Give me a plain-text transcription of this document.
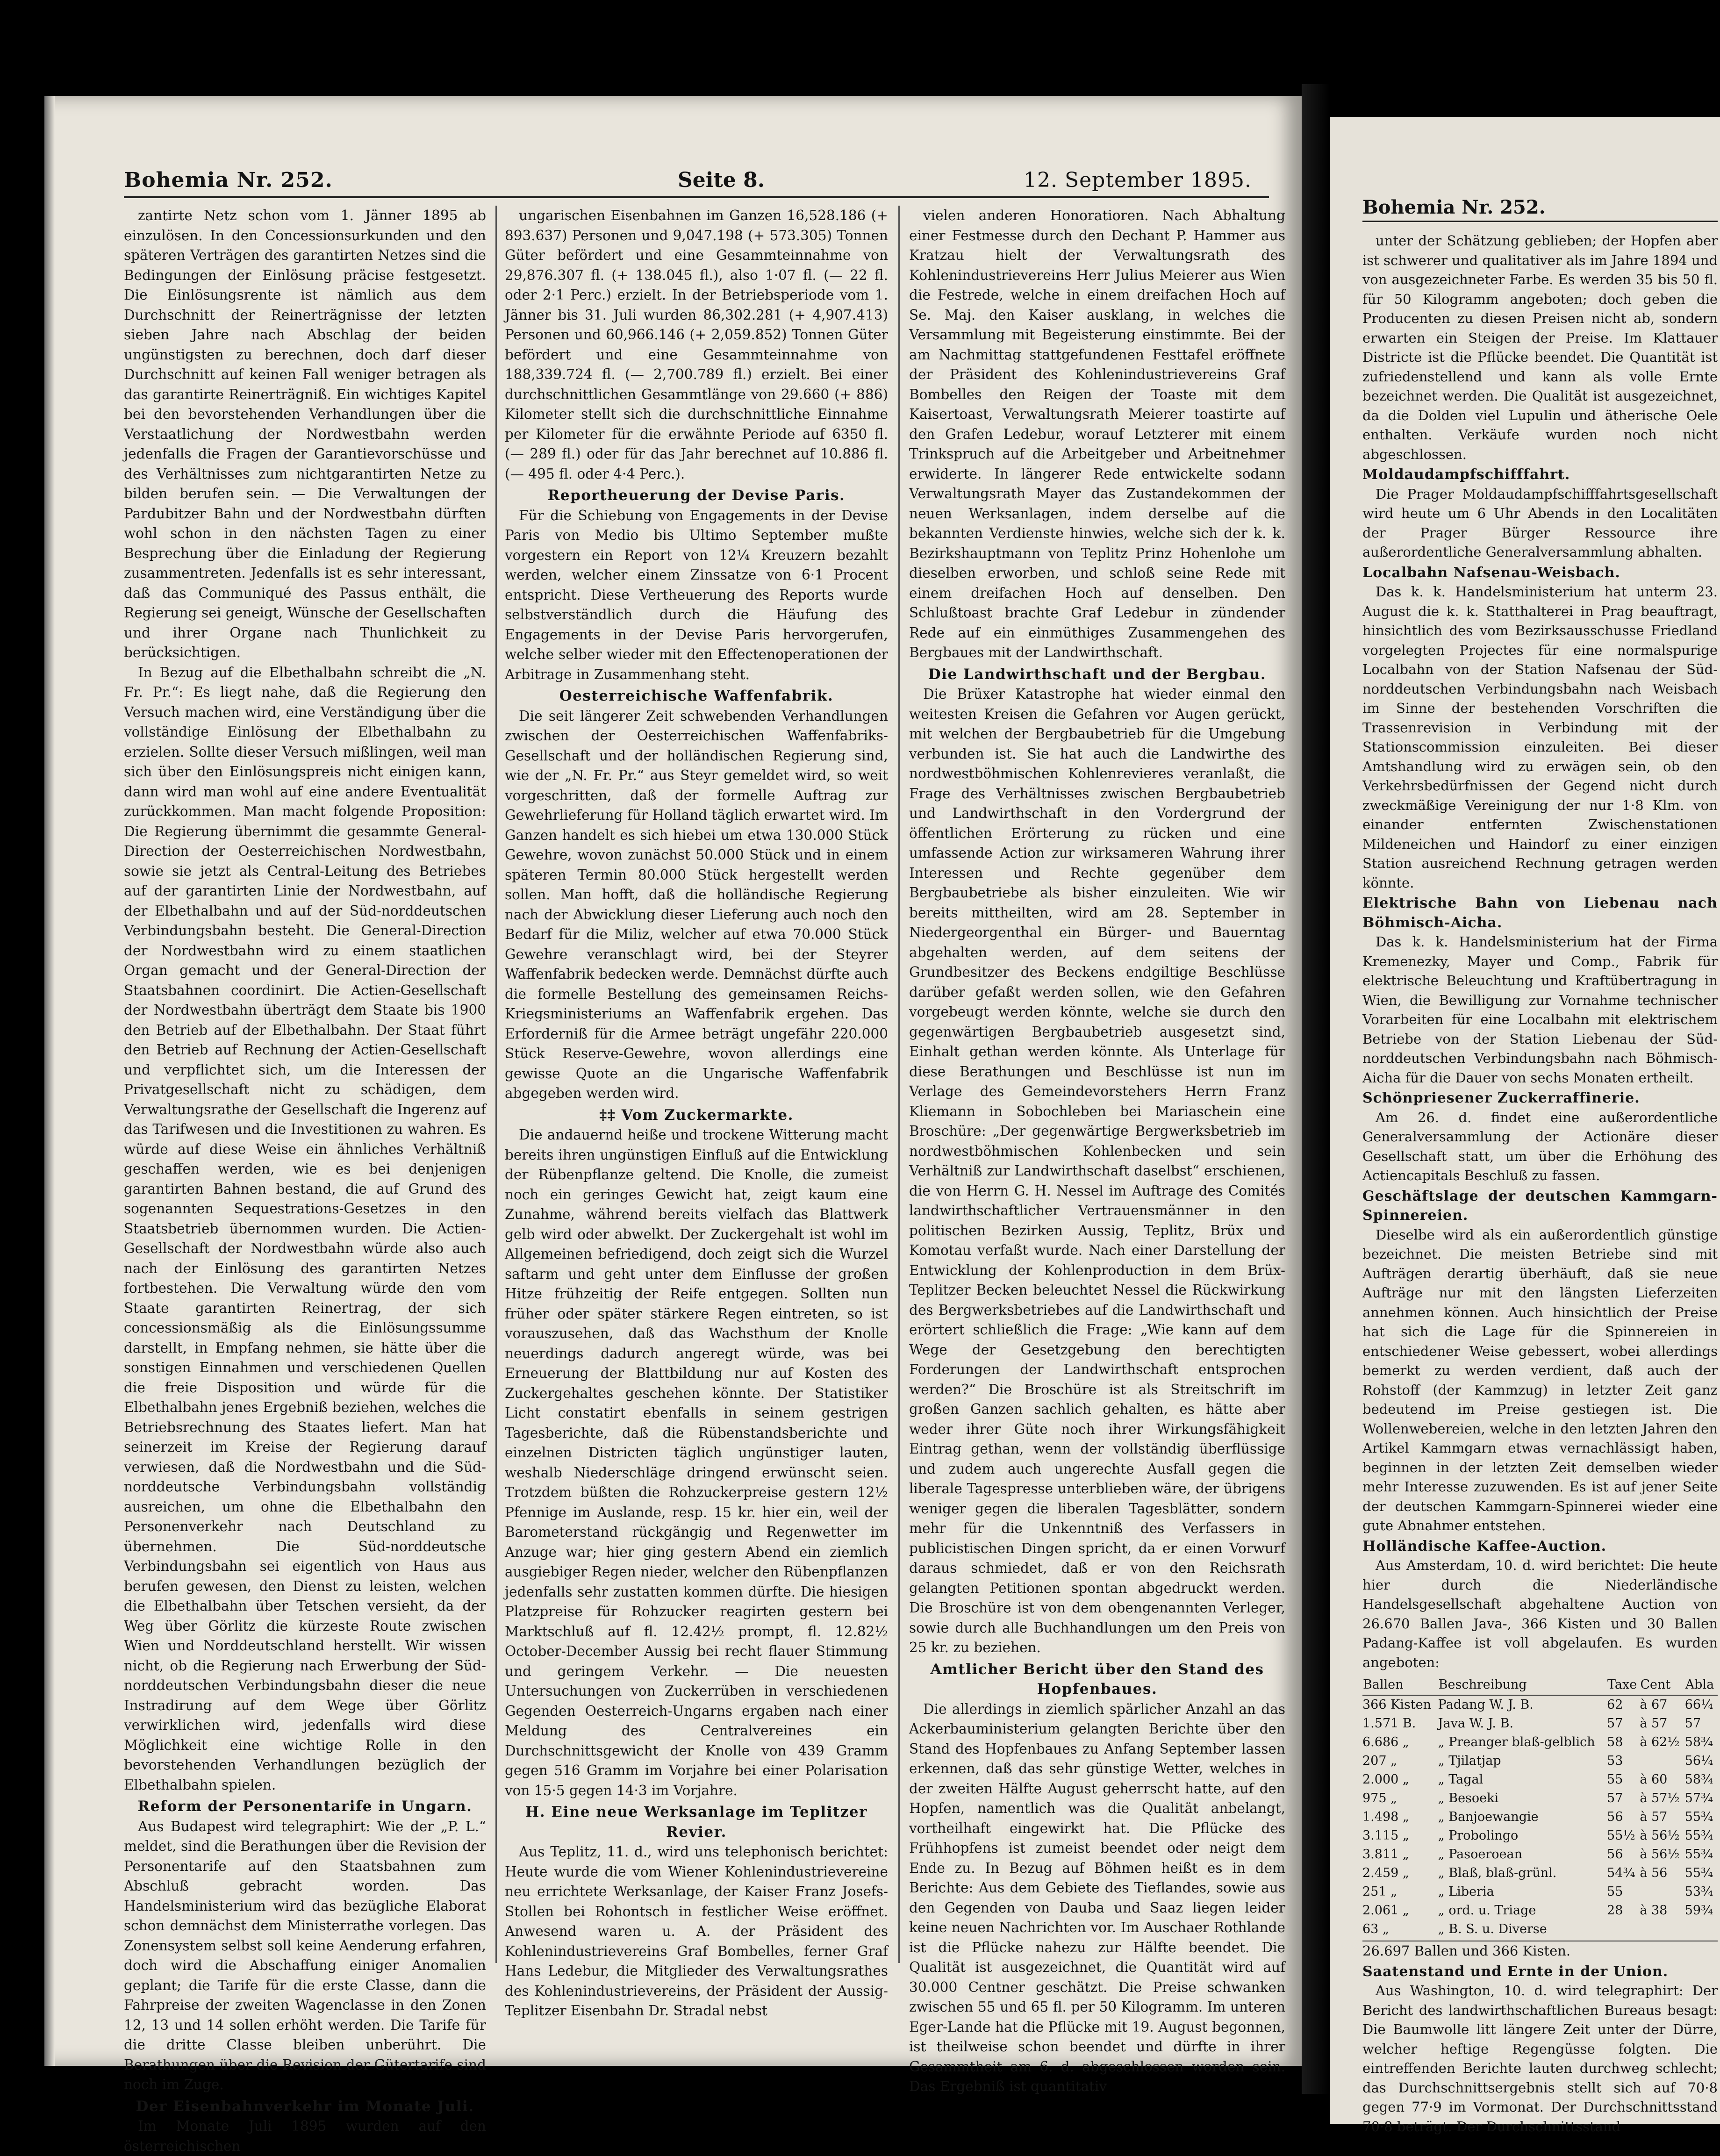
Bohemia Nr. 252.	Seite 8.	12. September 1895.

zantirte Netz schon vom 1. Jänner 1895 ab einzulösen. In den Concessionsurkunden und den späteren Verträgen des garantirten Netzes sind die Bedingungen der Einlösung präcise festgesetzt. Die Einlösungsrente ist nämlich aus dem Durchschnitt der Reinerträgnisse der letzten sieben Jahre nach Abschlag der beiden ungünstigsten zu berechnen, doch darf dieser Durchschnitt auf keinen Fall weniger betragen als das garantirte Reinerträgniß. Ein wichtiges Kapitel bei den bevorstehenden Verhandlungen über die Verstaatlichung der Nordwestbahn werden jedenfalls die Fragen der Garantievorschüsse und des Verhältnisses zum nichtgarantirten Netze zu bilden berufen sein. — Die Verwaltungen der Pardubitzer Bahn und der Nordwestbahn dürften wohl schon in den nächsten Tagen zu einer Besprechung über die Einladung der Regierung zusammentreten. Jedenfalls ist es sehr interessant, daß das Communiqué des Passus enthält, die Regierung sei geneigt, Wünsche der Gesellschaften und ihrer Organe nach Thunlichkeit zu berücksichtigen.

In Bezug auf die Elbethalbahn schreibt die „N. Fr. Pr.“: Es liegt nahe, daß die Regierung den Versuch machen wird, eine Verständigung über die vollständige Einlösung der Elbethalbahn zu erzielen. Sollte dieser Versuch mißlingen, weil man sich über den Einlösungspreis nicht einigen kann, dann wird man wohl auf eine andere Eventualität zurückkommen. Man macht folgende Proposition: Die Regierung übernimmt die gesammte General-Direction der Oesterreichischen Nordwestbahn, sowie sie jetzt als Central-Leitung des Betriebes auf der garantirten Linie der Nordwestbahn, auf der Elbethalbahn und auf der Süd-norddeutschen Verbindungsbahn besteht. Die General-Direction der Nordwestbahn wird zu einem staatlichen Organ gemacht und der General-Direction der Staatsbahnen coordinirt. Die Actien-Gesellschaft der Nordwestbahn überträgt dem Staate bis 1900 den Betrieb auf der Elbethalbahn. Der Staat führt den Betrieb auf Rechnung der Actien-Gesellschaft und verpflichtet sich, um die Interessen der Privatgesellschaft nicht zu schädigen, dem Verwaltungsrathe der Gesellschaft die Ingerenz auf das Tarifwesen und die Investitionen zu wahren. Es würde auf diese Weise ein ähnliches Verhältniß geschaffen werden, wie es bei denjenigen garantirten Bahnen bestand, die auf Grund des sogenannten Sequestrations-Gesetzes in den Staatsbetrieb übernommen wurden. Die Actien-Gesellschaft der Nordwestbahn würde also auch nach der Einlösung des garantirten Netzes fortbestehen. Die Verwaltung würde den vom Staate garantirten Reinertrag, der sich concessionsmäßig als die Einlösungssumme darstellt, in Empfang nehmen, sie hätte über die sonstigen Einnahmen und verschiedenen Quellen die freie Disposition und würde für die Elbethalbahn jenes Ergebniß beziehen, welches die Betriebsrechnung des Staates liefert. Man hat seinerzeit im Kreise der Regierung darauf verwiesen, daß die Nordwestbahn und die Süd-norddeutsche Verbindungsbahn vollständig ausreichen, um ohne die Elbethalbahn den Personenverkehr nach Deutschland zu übernehmen. Die Süd-norddeutsche Verbindungsbahn sei eigentlich von Haus aus berufen gewesen, den Dienst zu leisten, welchen die Elbethalbahn über Tetschen versieht, da der Weg über Görlitz die kürzeste Route zwischen Wien und Norddeutschland herstellt. Wir wissen nicht, ob die Regierung nach Erwerbung der Süd-norddeutschen Verbindungsbahn dieser die neue Instradirung auf dem Wege über Görlitz verwirklichen wird, jedenfalls wird diese Möglichkeit eine wichtige Rolle in den bevorstehenden Verhandlungen bezüglich der Elbethalbahn spielen.

Reform der Personentarife in Ungarn.

Aus Budapest wird telegraphirt: Wie der „P. L.“ meldet, sind die Berathungen über die Revision der Personentarife auf den Staatsbahnen zum Abschluß gebracht worden. Das Handelsministerium wird das bezügliche Elaborat schon demnächst dem Ministerrathe vorlegen. Das Zonensystem selbst soll keine Aenderung erfahren, doch wird die Abschaffung einiger Anomalien geplant; die Tarife für die erste Classe, dann die Fahrpreise der zweiten Wagenclasse in den Zonen 12, 13 und 14 sollen erhöht werden. Die Tarife für die dritte Classe bleiben unberührt. Die Berathungen über die Revision der Gütertarife sind noch im Zuge.

Der Eisenbahnverkehr im Monate Juli.

Im Monate Juli 1895 wurden auf den österreichischen

ungarischen Eisenbahnen im Ganzen 16,528.186 (+ 893.637) Personen und 9,047.198 (+ 573.305) Tonnen Güter befördert und eine Gesammteinnahme von 29,876.307 fl. (+ 138.045 fl.), also 1·07 fl. (— 22 fl. oder 2·1 Perc.) erzielt. In der Betriebsperiode vom 1. Jänner bis 31. Juli wurden 86,302.281 (+ 4,907.413) Personen und 60,966.146 (+ 2,059.852) Tonnen Güter befördert und eine Gesammteinnahme von 188,339.724 fl. (— 2,700.789 fl.) erzielt. Bei einer durchschnittlichen Gesammtlänge von 29.660 (+ 886) Kilometer stellt sich die durchschnittliche Einnahme per Kilometer für die erwähnte Periode auf 6350 fl. (— 289 fl.) oder für das Jahr berechnet auf 10.886 fl. (— 495 fl. oder 4·4 Perc.).

Reportheuerung der Devise Paris.

Für die Schiebung von Engagements in der Devise Paris von Medio bis Ultimo September mußte vorgestern ein Report von 12¼ Kreuzern bezahlt werden, welcher einem Zinssatze von 6·1 Procent entspricht. Diese Vertheuerung des Reports wurde selbstverständlich durch die Häufung des Engagements in der Devise Paris hervorgerufen, welche selber wieder mit den Effectenoperationen der Arbitrage in Zusammenhang steht.

Oesterreichische Waffenfabrik.

Die seit längerer Zeit schwebenden Verhandlungen zwischen der Oesterreichischen Waffenfabriks-Gesellschaft und der holländischen Regierung sind, wie der „N. Fr. Pr.“ aus Steyr gemeldet wird, so weit vorgeschritten, daß der formelle Auftrag zur Gewehrlieferung für Holland täglich erwartet wird. Im Ganzen handelt es sich hiebei um etwa 130.000 Stück Gewehre, wovon zunächst 50.000 Stück und in einem späteren Termin 80.000 Stück hergestellt werden sollen. Man hofft, daß die holländische Regierung nach der Abwicklung dieser Lieferung auch noch den Bedarf für die Miliz, welcher auf etwa 70.000 Stück Gewehre veranschlagt wird, bei der Steyrer Waffenfabrik bedecken werde. Demnächst dürfte auch die formelle Bestellung des gemeinsamen Reichs-Kriegsministeriums an Waffenfabrik ergehen. Das Erforderniß für die Armee beträgt ungefähr 220.000 Stück Reserve-Gewehre, wovon allerdings eine gewisse Quote an die Ungarische Waffenfabrik abgegeben werden wird.

‡‡ Vom Zuckermarkte.

Die andauernd heiße und trockene Witterung macht bereits ihren ungünstigen Einfluß auf die Entwicklung der Rübenpflanze geltend. Die Knolle, die zumeist noch ein geringes Gewicht hat, zeigt kaum eine Zunahme, während bereits vielfach das Blattwerk gelb wird oder abwelkt. Der Zuckergehalt ist wohl im Allgemeinen befriedigend, doch zeigt sich die Wurzel saftarm und geht unter dem Einflusse der großen Hitze frühzeitig der Reife entgegen. Sollten nun früher oder später stärkere Regen eintreten, so ist vorauszusehen, daß das Wachsthum der Knolle neuerdings dadurch angeregt würde, was bei Erneuerung der Blattbildung nur auf Kosten des Zuckergehaltes geschehen könnte. Der Statistiker Licht constatirt ebenfalls in seinem gestrigen Tagesberichte, daß die Rübenstandsberichte und einzelnen Districten täglich ungünstiger lauten, weshalb Niederschläge dringend erwünscht seien. Trotzdem büßten die Rohzuckerpreise gestern 12½ Pfennige im Auslande, resp. 15 kr. hier ein, weil der Barometerstand rückgängig und Regenwetter im Anzuge war; hier ging gestern Abend ein ziemlich ausgiebiger Regen nieder, welcher den Rübenpflanzen jedenfalls sehr zustatten kommen dürfte. Die hiesigen Platzpreise für Rohzucker reagirten gestern bei Marktschluß auf fl. 12.42½ prompt, fl. 12.82½ October-December Aussig bei recht flauer Stimmung und geringem Verkehr. — Die neuesten Untersuchungen von Zuckerrüben in verschiedenen Gegenden Oesterreich-Ungarns ergaben nach einer Meldung des Centralvereines ein Durchschnittsgewicht der Knolle von 439 Gramm gegen 516 Gramm im Vorjahre bei einer Polarisation von 15·5 gegen 14·3 im Vorjahre.

H. Eine neue Werksanlage im Teplitzer Revier.

Aus Teplitz, 11. d., wird uns telephonisch berichtet: Heute wurde die vom Wiener Kohlenindustrievereine neu errichtete Werksanlage, der Kaiser Franz Josefs-Stollen bei Rohontsch in festlicher Weise eröffnet. Anwesend waren u. A. der Präsident des Kohlenindustrievereins Graf Bombelles, ferner Graf Hans Ledebur, die Mitglieder des Verwaltungsrathes des Kohlenindustrievereins, der Präsident der Aussig-Teplitzer Eisenbahn Dr. Stradal nebst

vielen anderen Honoratioren. Nach Abhaltung einer Festmesse durch den Dechant P. Hammer aus Kratzau hielt der Verwaltungsrath des Kohlenindustrievereins Herr Julius Meierer aus Wien die Festrede, welche in einem dreifachen Hoch auf Se. Maj. den Kaiser ausklang, in welches die Versammlung mit Begeisterung einstimmte. Bei der am Nachmittag stattgefundenen Festtafel eröffnete der Präsident des Kohlenindustrievereins Graf Bombelles den Reigen der Toaste mit dem Kaisertoast, Verwaltungsrath Meierer toastirte auf den Grafen Ledebur, worauf Letzterer mit einem Trinkspruch auf die Arbeitgeber und Arbeitnehmer erwiderte. In längerer Rede entwickelte sodann Verwaltungsrath Mayer das Zustandekommen der neuen Werksanlagen, indem derselbe auf die bekannten Verdienste hinwies, welche sich der k. k. Bezirkshauptmann von Teplitz Prinz Hohenlohe um dieselben erworben, und schloß seine Rede mit einem dreifachen Hoch auf denselben. Den Schlußtoast brachte Graf Ledebur in zündender Rede auf ein einmüthiges Zusammengehen des Bergbaues mit der Landwirthschaft.

Die Landwirthschaft und der Bergbau.

Die Brüxer Katastrophe hat wieder einmal den weitesten Kreisen die Gefahren vor Augen gerückt, mit welchen der Bergbaubetrieb für die Umgebung verbunden ist. Sie hat auch die Landwirthe des nordwestböhmischen Kohlenrevieres veranlaßt, die Frage des Verhältnisses zwischen Bergbaubetrieb und Landwirthschaft in den Vordergrund der öffentlichen Erörterung zu rücken und eine umfassende Action zur wirksameren Wahrung ihrer Interessen und Rechte gegenüber dem Bergbaubetriebe als bisher einzuleiten. Wie wir bereits mittheilten, wird am 28. September in Niedergeorgenthal ein Bürger- und Bauerntag abgehalten werden, auf dem seitens der Grundbesitzer des Beckens endgiltige Beschlüsse darüber gefaßt werden sollen, wie den Gefahren vorgebeugt werden könnte, welche sie durch den gegenwärtigen Bergbaubetrieb ausgesetzt sind, Einhalt gethan werden könnte. Als Unterlage für diese Berathungen und Beschlüsse ist nun im Verlage des Gemeindevorstehers Herrn Franz Kliemann in Sobochleben bei Mariaschein eine Broschüre: „Der gegenwärtige Bergwerksbetrieb im nordwestböhmischen Kohlenbecken und sein Verhältniß zur Landwirthschaft daselbst“ erschienen, die von Herrn G. H. Nessel im Auftrage des Comités landwirthschaftlicher Vertrauensmänner in den politischen Bezirken Aussig, Teplitz, Brüx und Komotau verfaßt wurde. Nach einer Darstellung der Entwicklung der Kohlenproduction in dem Brüx-Teplitzer Becken beleuchtet Nessel die Rückwirkung des Bergwerksbetriebes auf die Landwirthschaft und erörtert schließlich die Frage: „Wie kann auf dem Wege der Gesetzgebung den berechtigten Forderungen der Landwirthschaft entsprochen werden?“ Die Broschüre ist als Streitschrift im großen Ganzen sachlich gehalten, es hätte aber weder ihrer Güte noch ihrer Wirkungsfähigkeit Eintrag gethan, wenn der vollständig überflüssige und zudem auch ungerechte Ausfall gegen die liberale Tagespresse unterblieben wäre, der übrigens weniger gegen die liberalen Tagesblätter, sondern mehr für die Unkenntniß des Verfassers in publicistischen Dingen spricht, da er einen Vorwurf daraus schmiedet, daß er von den Reichsrath gelangten Petitionen spontan abgedruckt werden. Die Broschüre ist von dem obengenannten Verleger, sowie durch alle Buchhandlungen um den Preis von 25 kr. zu beziehen.

Amtlicher Bericht über den Stand des Hopfenbaues.

Die allerdings in ziemlich spärlicher Anzahl an das Ackerbauministerium gelangten Berichte über den Stand des Hopfenbaues zu Anfang September lassen erkennen, daß das sehr günstige Wetter, welches in der zweiten Hälfte August geherrscht hatte, auf den Hopfen, namentlich was die Qualität anbelangt, vortheilhaft eingewirkt hat. Die Pflücke des Frühhopfens ist zumeist beendet oder neigt dem Ende zu. In Bezug auf Böhmen heißt es in dem Berichte: Aus dem Gebiete des Tieflandes, sowie aus den Gegenden von Dauba und Saaz liegen leider keine neuen Nachrichten vor. Im Auschaer Rothlande ist die Pflücke nahezu zur Hälfte beendet. Die Qualität ist ausgezeichnet, die Quantität wird auf 30.000 Centner geschätzt. Die Preise schwanken zwischen 55 und 65 fl. per 50 Kilogramm. Im unteren Eger-Lande hat die Pflücke mit 19. August begonnen, ist theilweise schon beendet und dürfte in ihrer Gesammtheit am 6. d. abgeschlossen worden sein. Das Ergebniß ist quantitativ

Bohemia Nr. 252.

unter der Schätzung geblieben; der Hopfen aber ist schwerer und qualitativer als im Jahre 1894 und von ausgezeichneter Farbe. Es werden 35 bis 50 fl. für 50 Kilogramm angeboten; doch geben die Producenten zu diesen Preisen nicht ab, sondern erwarten ein Steigen der Preise. Im Klattauer Districte ist die Pflücke beendet. Die Quantität ist zufriedenstellend und kann als volle Ernte bezeichnet werden. Die Qualität ist ausgezeichnet, da die Dolden viel Lupulin und ätherische Oele enthalten. Verkäufe wurden noch nicht abgeschlossen.

Moldaudampfschifffahrt.

Die Prager Moldaudampfschifffahrtsgesellschaft wird heute um 6 Uhr Abends in den Localitäten der Prager Bürger Ressource ihre außerordentliche Generalversammlung abhalten.

Localbahn Nafsenau-Weisbach.

Das k. k. Handelsministerium hat unterm 23. August die k. k. Statthalterei in Prag beauftragt, hinsichtlich des vom Bezirksausschusse Friedland vorgelegten Projectes für eine normalspurige Localbahn von der Station Nafsenau der Süd-norddeutschen Verbindungsbahn nach Weisbach im Sinne der bestehenden Vorschriften die Trassenrevision in Verbindung mit der Stationscommission einzuleiten. Bei dieser Amtshandlung wird zu erwägen sein, ob den Verkehrsbedürfnissen der Gegend nicht durch zweckmäßige Vereinigung der nur 1·8 Klm. von einander entfernten Zwischenstationen Mildeneichen und Haindorf zu einer einzigen Station ausreichend Rechnung getragen werden könnte.

Elektrische Bahn von Liebenau nach Böhmisch-Aicha.

Das k. k. Handelsministerium hat der Firma Kremenezky, Mayer und Comp., Fabrik für elektrische Beleuchtung und Kraftübertragung in Wien, die Bewilligung zur Vornahme technischer Vorarbeiten für eine Localbahn mit elektrischem Betriebe von der Station Liebenau der Süd-norddeutschen Verbindungsbahn nach Böhmisch-Aicha für die Dauer von sechs Monaten ertheilt.

Schönpriesener Zuckerraffinerie.

Am 26. d. findet eine außerordentliche Generalversammlung der Actionäre dieser Gesellschaft statt, um über die Erhöhung des Actiencapitals Beschluß zu fassen.

Geschäftslage der deutschen Kammgarn-Spinnereien.

Dieselbe wird als ein außerordentlich günstige bezeichnet. Die meisten Betriebe sind mit Aufträgen derartig überhäuft, daß sie neue Aufträge nur mit den längsten Lieferzeiten annehmen können. Auch hinsichtlich der Preise hat sich die Lage für die Spinnereien in entschiedener Weise gebessert, wobei allerdings bemerkt zu werden verdient, daß auch der Rohstoff (der Kammzug) in letzter Zeit ganz bedeutend im Preise gestiegen ist. Die Wollenwebereien, welche in den letzten Jahren den Artikel Kammgarn etwas vernachlässigt haben, beginnen in der letzten Zeit demselben wieder mehr Interesse zuzuwenden. Es ist auf jener Seite der deutschen Kammgarn-Spinnerei wieder eine gute Abnahmer entstehen.

Holländische Kaffee-Auction.

Aus Amsterdam, 10. d. wird berichtet: Die heute hier durch die Niederländische Handelsgesellschaft abgehaltene Auction von 26.670 Ballen Java-, 366 Kisten und 30 Ballen Padang-Kaffee ist voll abgelaufen. Es wurden angeboten:

Ballen	Beschreibung	Taxe	Cent	Abla
366 Kisten	Padang W. J. B.	62	à 67	66¼
1.571 B.	Java W. J. B.	57	à 57	57
6.686 „	„ Preanger blaß-gelblich	58	à 62½	58¾
207 „	„ Tjilatjap	53		56¼
2.000 „	„ Tagal	55	à 60	58¾
975 „	„ Besoeki	57	à 57½	57¾
1.498 „	„ Banjoewangie	56	à 57	55¾
3.115 „	„ Probolingo	55½	à 56½	55¾
3.811 „	„ Pasoeroean	56	à 56½	55¾
2.459 „	„ Blaß, blaß-grünl.	54¾	à 56	55¾
251 „	„ Liberia	55		53¾
2.061 „	„ ord. u. Triage	28	à 38	59¾
63 „	„ B. S. u. Diverse			
26.697 Ballen und 366 Kisten.
Saatenstand und Ernte in der Union.

Aus Washington, 10. d. wird telegraphirt: Der Bericht des landwirthschaftlichen Bureaus besagt: Die Baumwolle litt längere Zeit unter der Dürre, welcher heftige Regengüsse folgten. Die eintreffenden Berichte lauten durchweg schlecht; das Durchschnittsergebnis stellt sich auf 70·8 gegen 77·9 im Vormonat. Der Durchschnittsstand 70·8 beträgt. Der Durchschnittsstand
